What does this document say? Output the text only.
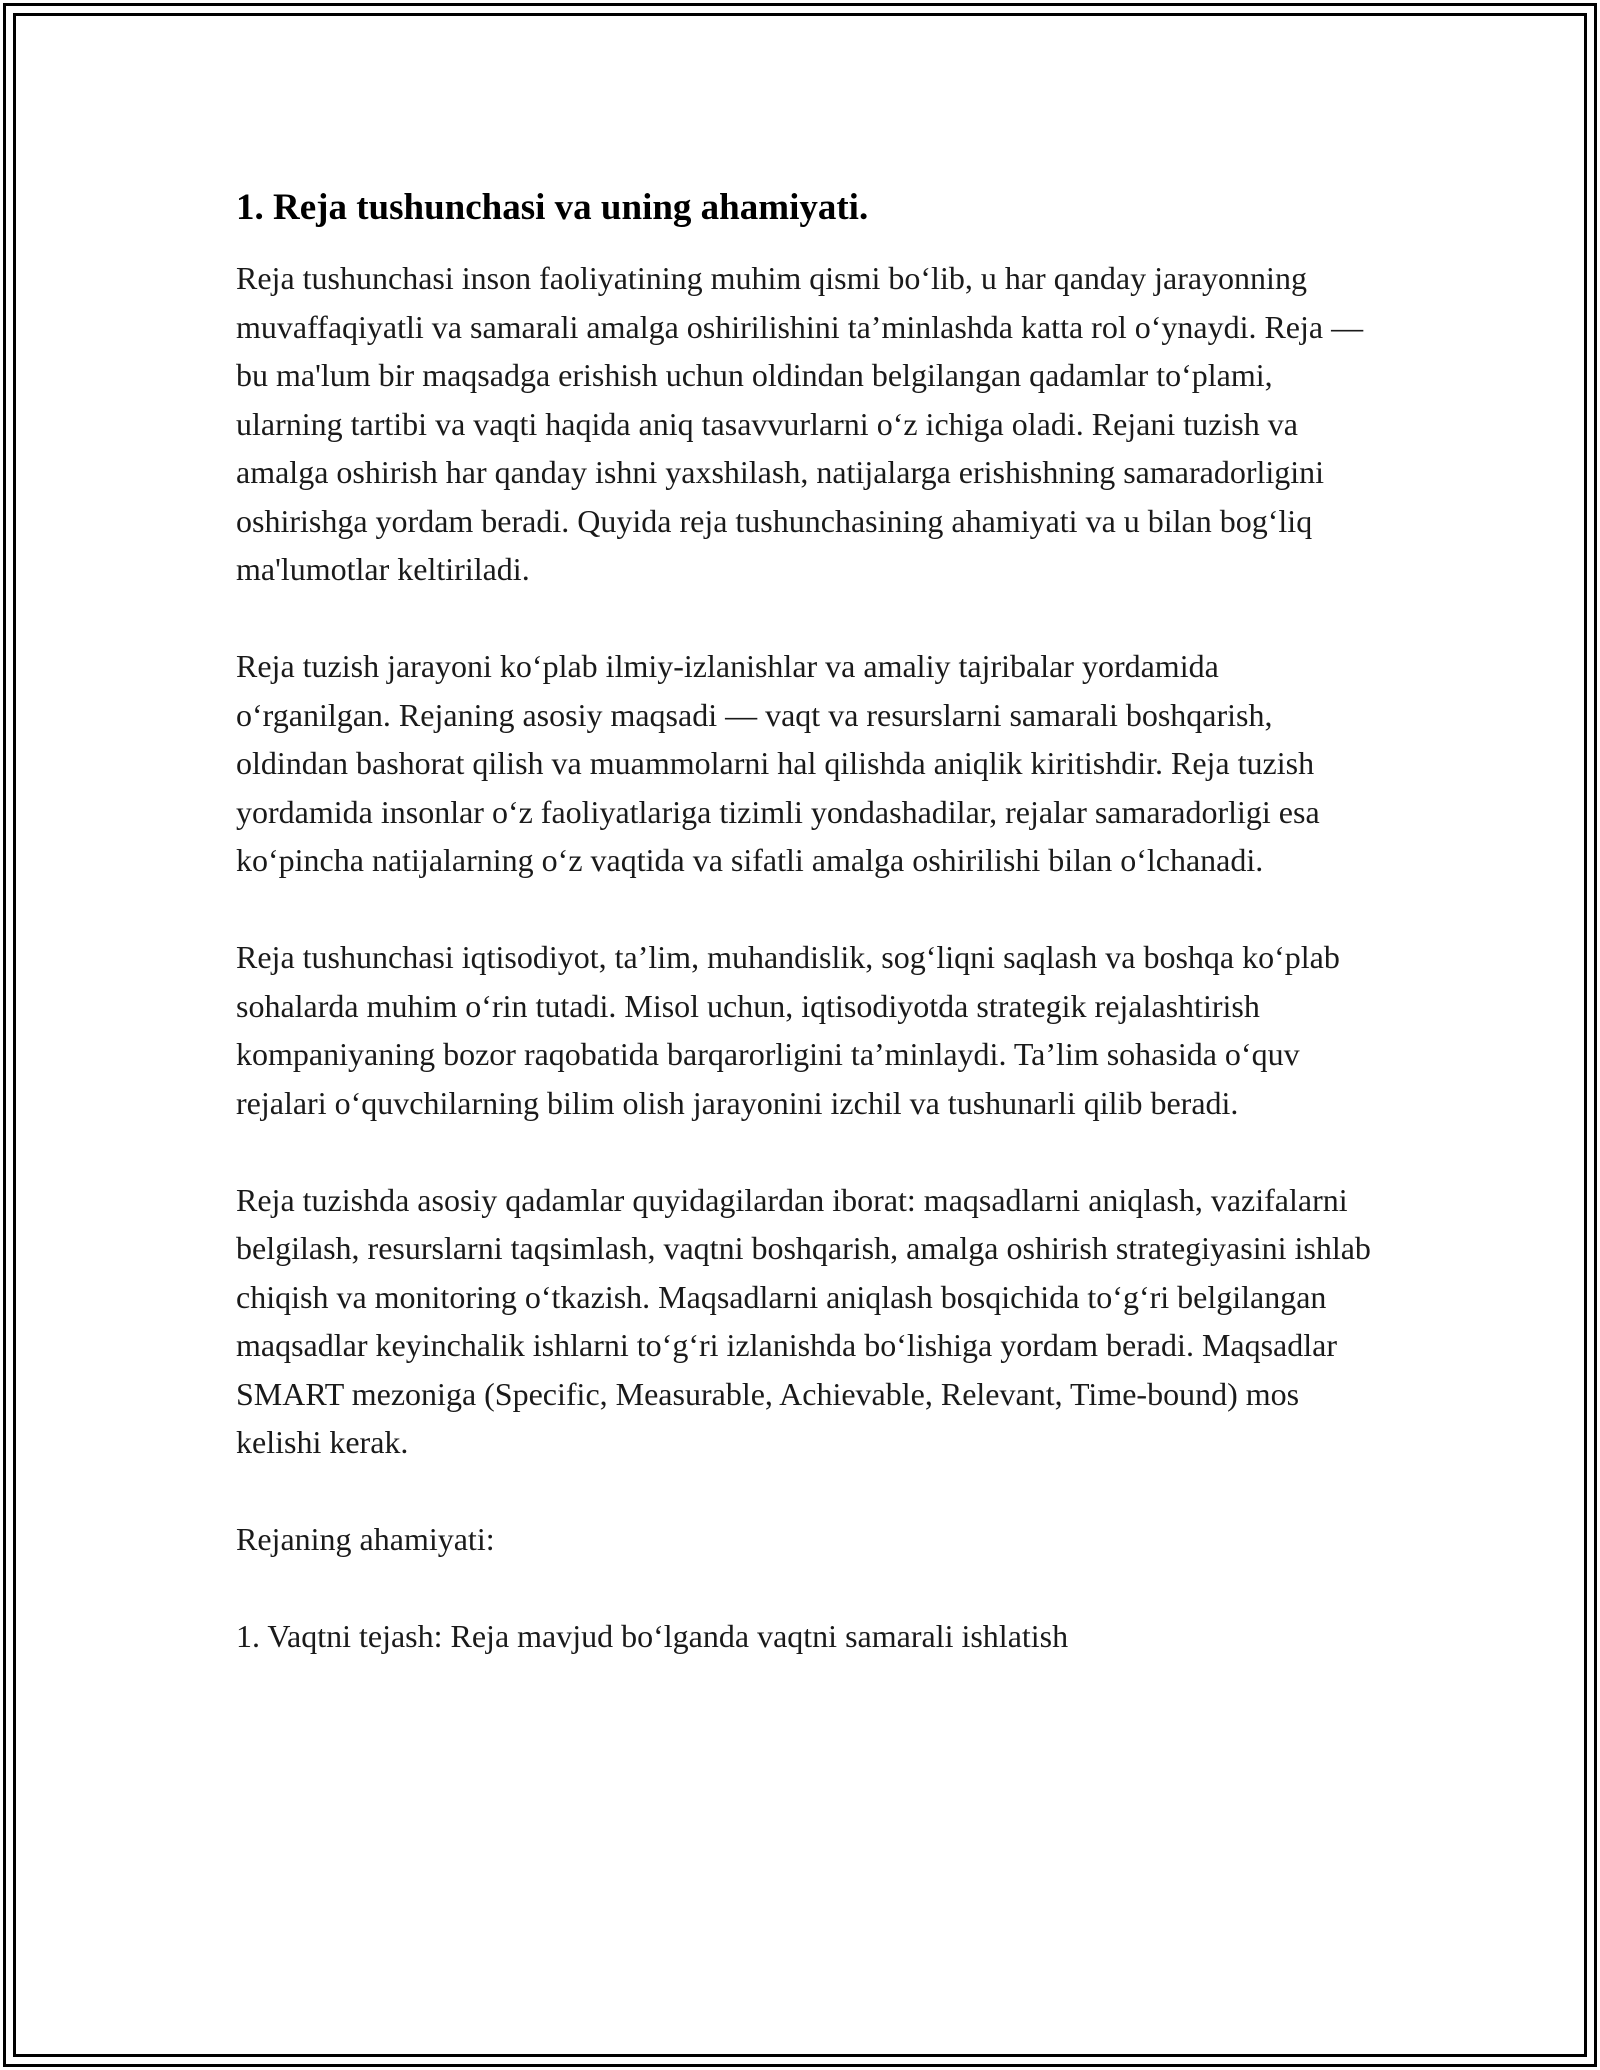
1. Reja tushunchasi va uning ahamiyati.

Reja tushunchasi inson faoliyatining muhim qismi boʻlib, u har qanday jarayonning muvaffaqiyatli va samarali amalga oshirilishini taʼminlashda katta rol oʻynaydi. Reja — bu ma'lum bir maqsadga erishish uchun oldindan belgilangan qadamlar toʻplami, ularning tartibi va vaqti haqida aniq tasavvurlarni oʻz ichiga oladi. Rejani tuzish va amalga oshirish har qanday ishni yaxshilash, natijalarga erishishning samaradorligini oshirishga yordam beradi. Quyida reja tushunchasining ahamiyati va u bilan bogʻliq ma'lumotlar keltiriladi.

Reja tuzish jarayoni koʻplab ilmiy-izlanishlar va amaliy tajribalar yordamida oʻrganilgan. Rejaning asosiy maqsadi — vaqt va resurslarni samarali boshqarish, oldindan bashorat qilish va muammolarni hal qilishda aniqlik kiritishdir. Reja tuzish yordamida insonlar oʻz faoliyatlariga tizimli yondashadilar, rejalar samaradorligi esa koʻpincha natijalarning oʻz vaqtida va sifatli amalga oshirilishi bilan oʻlchanadi.

Reja tushunchasi iqtisodiyot, taʼlim, muhandislik, sogʻliqni saqlash va boshqa koʻplab sohalarda muhim oʻrin tutadi. Misol uchun, iqtisodiyotda strategik rejalashtirish kompaniyaning bozor raqobatida barqarorligini taʼminlaydi. Taʼlim sohasida oʻquv rejalari oʻquvchilarning bilim olish jarayonini izchil va tushunarli qilib beradi.

Reja tuzishda asosiy qadamlar quyidagilardan iborat: maqsadlarni aniqlash, vazifalarni belgilash, resurslarni taqsimlash, vaqtni boshqarish, amalga oshirish strategiyasini ishlab chiqish va monitoring oʻtkazish. Maqsadlarni aniqlash bosqichida toʻgʻri belgilangan maqsadlar keyinchalik ishlarni toʻgʻri izlanishda boʻlishiga yordam beradi. Maqsadlar SMART mezoniga (Specific, Measurable, Achievable, Relevant, Time-bound) mos kelishi kerak.

Rejaning ahamiyati:

1. Vaqtni tejash: Reja mavjud boʻlganda vaqtni samarali ishlatish
